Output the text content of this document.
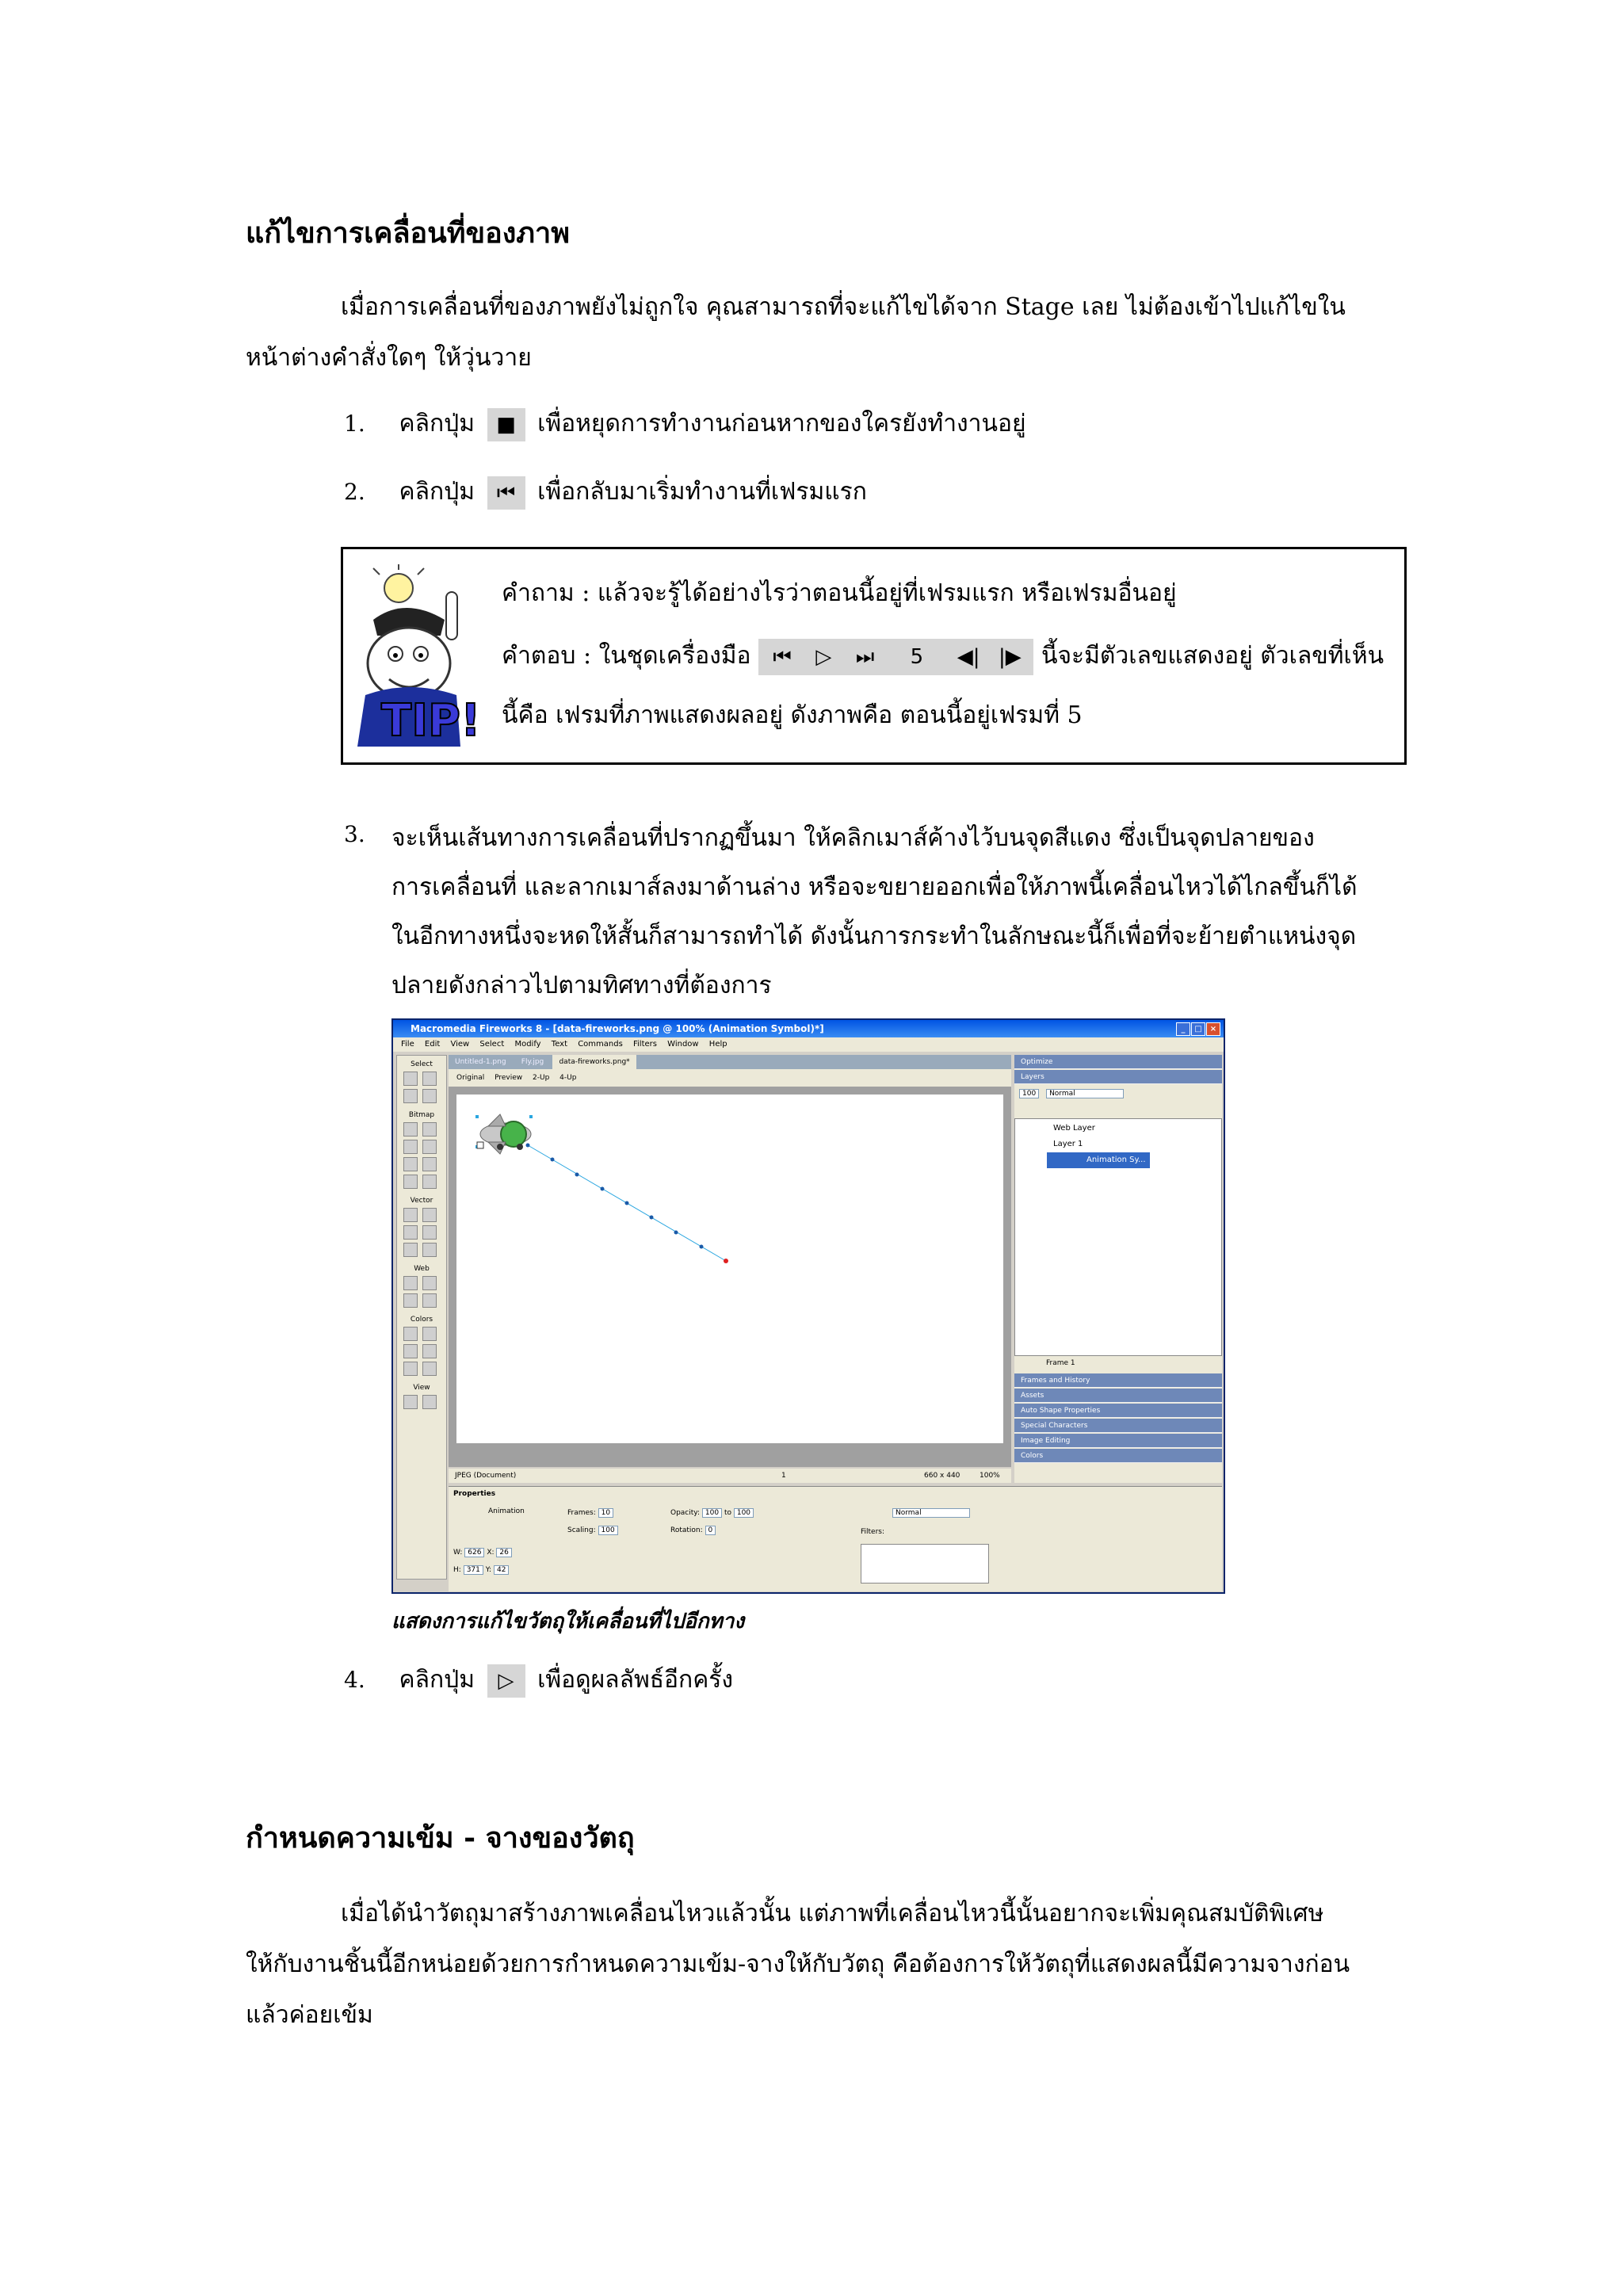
แก้ไขการเคลื่อนที่ของภาพ
เมื่อการเคลื่อนที่ของภาพยังไม่ถูกใจ คุณสามารถที่จะแก้ไขได้จาก Stage เลย ไม่ต้องเข้าไปแก้ไขใน
หน้าต่างคำสั่งใดๆ ให้วุ่นวาย
1. คลิกปุ่ม ■ เพื่อหยุดการทำงานก่อนหากของใครยังทำงานอยู่
2. คลิกปุ่ม ⏮ เพื่อกลับมาเริ่มทำงานที่เฟรมแรก
TIP!
คำถาม : แล้วจะรู้ได้อย่างไรว่าตอนนี้อยู่ที่เฟรมแรก หรือเฟรมอื่นอยู่
คำตอบ : ในชุดเครื่องมือ ⏮ ▷ ⏭ 5 ◀| |▶ นี้จะมีตัวเลขแสดงอยู่ ตัวเลขที่เห็น
นี้คือ เฟรมที่ภาพแสดงผลอยู่ ดังภาพคือ ตอนนี้อยู่เฟรมที่ 5
3. จะเห็นเส้นทางการเคลื่อนที่ปรากฏขึ้นมา ให้คลิกเมาส์ค้างไว้บนจุดสีแดง ซึ่งเป็นจุดปลายของ
การเคลื่อนที่ และลากเมาส์ลงมาด้านล่าง หรือจะขยายออกเพื่อให้ภาพนี้เคลื่อนไหวได้ไกลขึ้นก็ได้
ในอีกทางหนึ่งจะหดให้สั้นก็สามารถทำได้ ดังนั้นการกระทำในลักษณะนี้ก็เพื่อที่จะย้ายตำแหน่งจุด
ปลายดังกล่าวไปตามทิศทางที่ต้องการ
Macromedia Fireworks 8 - [data-fireworks.png @ 100% (Animation Symbol)*]	_	□	×
File Edit View Select Modify Text Commands Filters Window Help
Select
Bitmap
Vector
Web
Colors
View
Untitled-1.png Fly.jpg data-fireworks.png*
Original Preview 2-Up 4-Up
JPEG (Document)	1	660 x 440	100%
Optimize
Layers
100 Normal
Web Layer
Layer 1
Animation Sy...
Frame 1
Frames and History
Assets
Auto Shape Properties
Special Characters
Image Editing
Colors
Properties
Animation	Frames: 10
Scaling: 100
Opacity: 100 to 100
Rotation: 0
Normal
Filters:
W: 626 X: 26
H: 371 Y: 42
แสดงการแก้ไขวัตถุให้เคลื่อนที่ไปอีกทาง
4. คลิกปุ่ม ▷ เพื่อดูผลลัพธ์อีกครั้ง
กำหนดความเข้ม - จางของวัตถุ
เมื่อได้นำวัตถุมาสร้างภาพเคลื่อนไหวแล้วนั้น แต่ภาพที่เคลื่อนไหวนี้นั้นอยากจะเพิ่มคุณสมบัติพิเศษ
ให้กับงานชิ้นนี้อีกหน่อยด้วยการกำหนดความเข้ม-จางให้กับวัตถุ คือต้องการให้วัตถุที่แสดงผลนี้มีความจางก่อน
แล้วค่อยเข้ม
